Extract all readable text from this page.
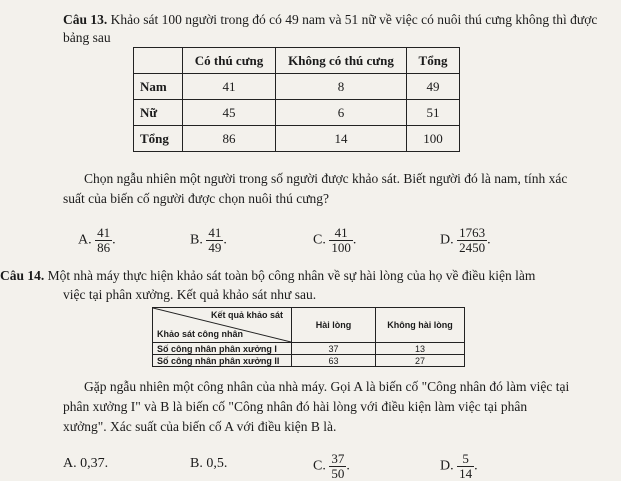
Câu 13. Khảo sát 100 người trong đó có 49 nam và 51 nữ về việc có nuôi thú cưng không thì được
bảng sau
	Có thú cưng	Không có thú cưng	Tổng
Nam	41	8	49
Nữ	45	6	51
Tổng	86	14	100
Chọn ngẫu nhiên một người trong số người được khảo sát. Biết người đó là nam, tính xác
suất của biến cố người được chọn nuôi thú cưng?
A. $\frac{41}{86}$ .	B. $\frac{41}{49}$ .	C. $\frac{41}{100}$ .	D. $\frac{1763}{2450}$ .
Câu 14. Một nhà máy thực hiện khảo sát toàn bộ công nhân về sự hài lòng của họ về điều kiện làm
việc tại phân xưởng. Kết quả khảo sát như sau.
Kết quả khảo sát
Khảo sát công nhân	Hài lòng	Không hài lòng
Số công nhân phân xưởng I	37	13
Số công nhân phân xưởng II	63	27
Gặp ngẫu nhiên một công nhân của nhà máy. Gọi A là biến cố "Công nhân đó làm việc tại
phân xưởng I" và B là biến cố "Công nhân đó hài lòng với điều kiện làm việc tại phân
xưởng". Xác suất của biến cố A với điều kiện B là.
A. 0,37.	B. 0,5.	C. $\frac{37}{50}$ .	D. $\frac{5}{14}$ .
